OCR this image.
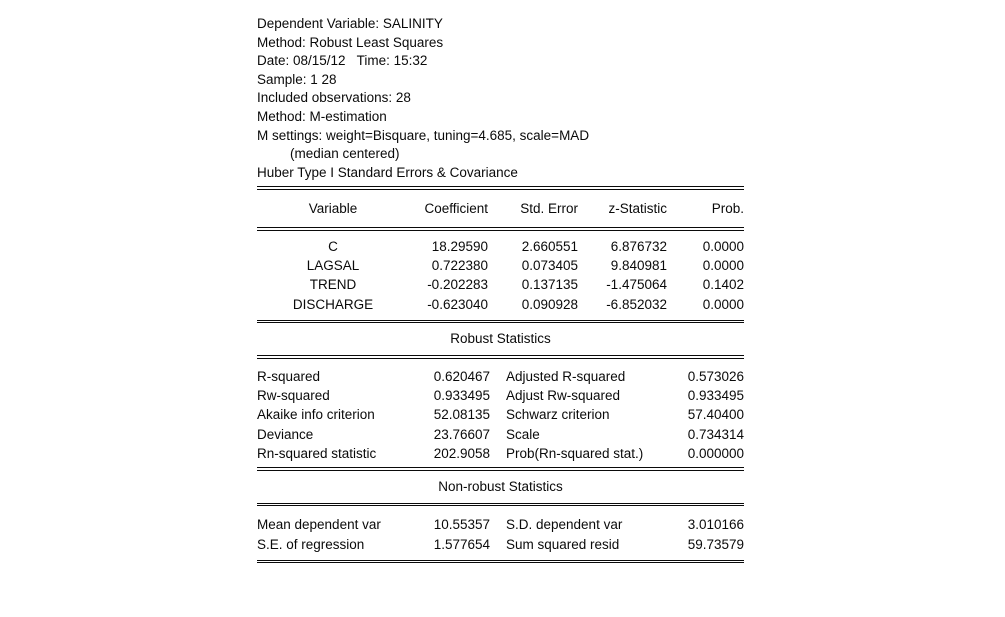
Dependent Variable: SALINITY
Method: Robust Least Squares
Date: 08/15/12   Time: 15:32
Sample: 1 28
Included observations: 28
Method: M-estimation
M settings: weight=Bisquare, tuning=4.685, scale=MAD
(median centered)
Huber Type I Standard Errors & Covariance
Variable	Coefficient	Std. Error	z-Statistic	Prob.
C	18.29590	2.660551	6.876732	0.0000
LAGSAL	0.722380	0.073405	9.840981	0.0000
TREND	-0.202283	0.137135	-1.475064	0.1402
DISCHARGE	-0.623040	0.090928	-6.852032	0.0000
Robust Statistics
R-squared	0.620467	Adjusted R-squared	0.573026
Rw-squared	0.933495	Adjust Rw-squared	0.933495
Akaike info criterion	52.08135	Schwarz criterion	57.40400
Deviance	23.76607	Scale	0.734314
Rn-squared statistic	202.9058	Prob(Rn-squared stat.)	0.000000
Non-robust Statistics
Mean dependent var	10.55357	S.D. dependent var	3.010166
S.E. of regression	1.577654	Sum squared resid	59.73579
